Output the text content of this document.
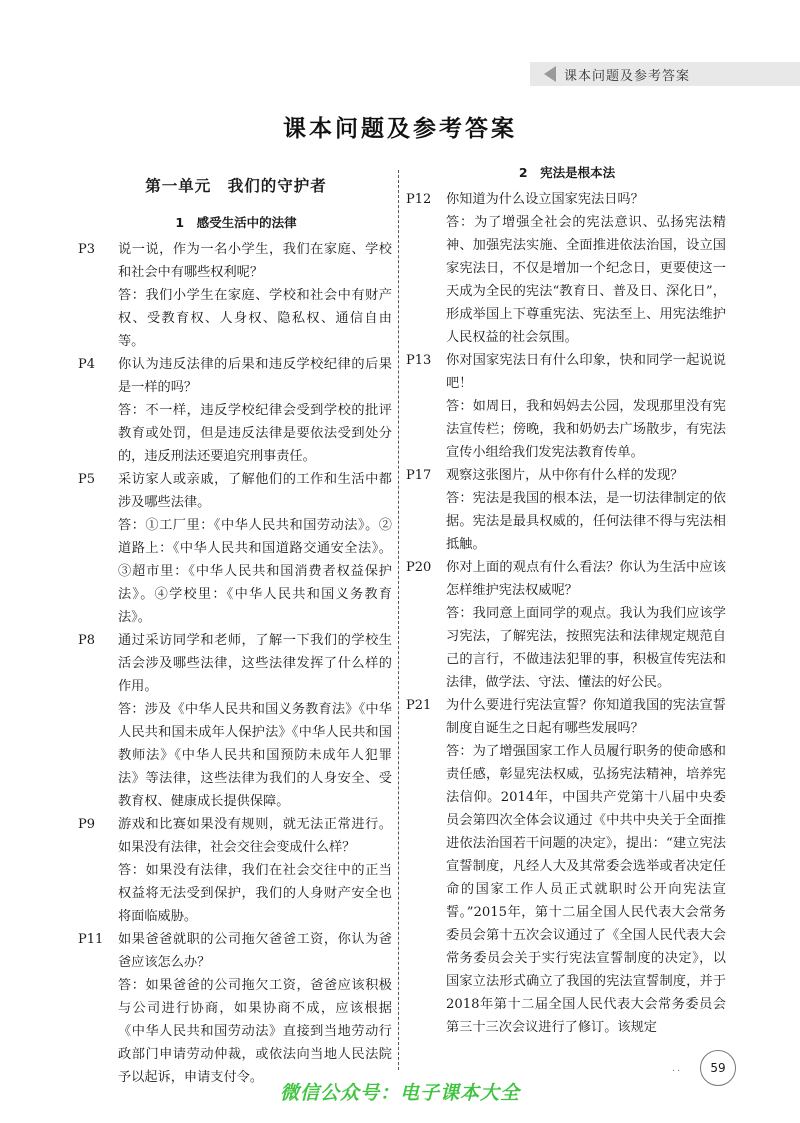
课本问题及参考答案
课本问题及参考答案
第一单元　我们的守护者
1　感受生活中的法律
P3 说一说，作为一名小学生，我们在家庭、学校和社会中有哪些权利呢？

答：我们小学生在家庭、学校和社会中有财产权、受教育权、人身权、隐私权、通信自由等。

P4 你认为违反法律的后果和违反学校纪律的后果是一样的吗？

答：不一样，违反学校纪律会受到学校的批评教育或处罚，但是违反法律是要依法受到处分的，违反刑法还要追究刑事责任。

P5 采访家人或亲戚，了解他们的工作和生活中都涉及哪些法律。

答：①工厂里：《中华人民共和国劳动法》。②道路上：《中华人民共和国道路交通安全法》。③超市里：《中华人民共和国消费者权益保护法》。④学校里：《中华人民共和国义务教育法》。

P8 通过采访同学和老师，了解一下我们的学校生活会涉及哪些法律，这些法律发挥了什么样的作用。

答：涉及《中华人民共和国义务教育法》《中华人民共和国未成年人保护法》《中华人民共和国教师法》《中华人民共和国预防未成年人犯罪法》等法律，这些法律为我们的人身安全、受教育权、健康成长提供保障。

P9 游戏和比赛如果没有规则，就无法正常进行。如果没有法律，社会交往会变成什么样？

答：如果没有法律，我们在社会交往中的正当权益将无法受到保护，我们的人身财产安全也将面临威胁。

P11 如果爸爸就职的公司拖欠爸爸工资，你认为爸爸应该怎么办？

答：如果爸爸的公司拖欠工资，爸爸应该积极与公司进行协商，如果协商不成，应该根据《中华人民共和国劳动法》直接到当地劳动行政部门申请劳动仲裁，或依法向当地人民法院予以起诉，申请支付令。

2　宪法是根本法
P12 你知道为什么设立国家宪法日吗？

答：为了增强全社会的宪法意识、弘扬宪法精神、加强宪法实施、全面推进依法治国，设立国家宪法日，不仅是增加一个纪念日，更要使这一天成为全民的宪法“教育日、普及日、深化日”，形成举国上下尊重宪法、宪法至上、用宪法维护人民权益的社会氛围。

P13 你对国家宪法日有什么印象，快和同学一起说说吧！

答：如周日，我和妈妈去公园，发现那里没有宪法宣传栏；傍晚，我和奶奶去广场散步，有宪法宣传小组给我们发宪法教育传单。

P17 观察这张图片，从中你有什么样的发现？

答：宪法是我国的根本法，是一切法律制定的依据。宪法是最具权威的，任何法律不得与宪法相抵触。

P20 你对上面的观点有什么看法？你认为生活中应该怎样维护宪法权威呢？

答：我同意上面同学的观点。我认为我们应该学习宪法，了解宪法，按照宪法和法律规定规范自己的言行，不做违法犯罪的事，积极宣传宪法和法律，做学法、守法、懂法的好公民。

P21 为什么要进行宪法宣誓？你知道我国的宪法宣誓制度自诞生之日起有哪些发展吗？

答：为了增强国家工作人员履行职务的使命感和责任感，彰显宪法权威，弘扬宪法精神，培养宪法信仰。2014年，中国共产党第十八届中央委员会第四次全体会议通过《中共中央关于全面推进依法治国若干问题的决定》，提出：“建立宪法宣誓制度，凡经人大及其常委会选举或者决定任命的国家工作人员正式就职时公开向宪法宣誓。”2015年，第十二届全国人民代表大会常务委员会第十五次会议通过了《全国人民代表大会常务委员会关于实行宪法宣誓制度的决定》，以国家立法形式确立了我国的宪法宣誓制度，并于2018年第十二届全国人民代表大会常务委员会第三十三次会议进行了修订。该规定

·· 59
微信公众号：电子课本大全
